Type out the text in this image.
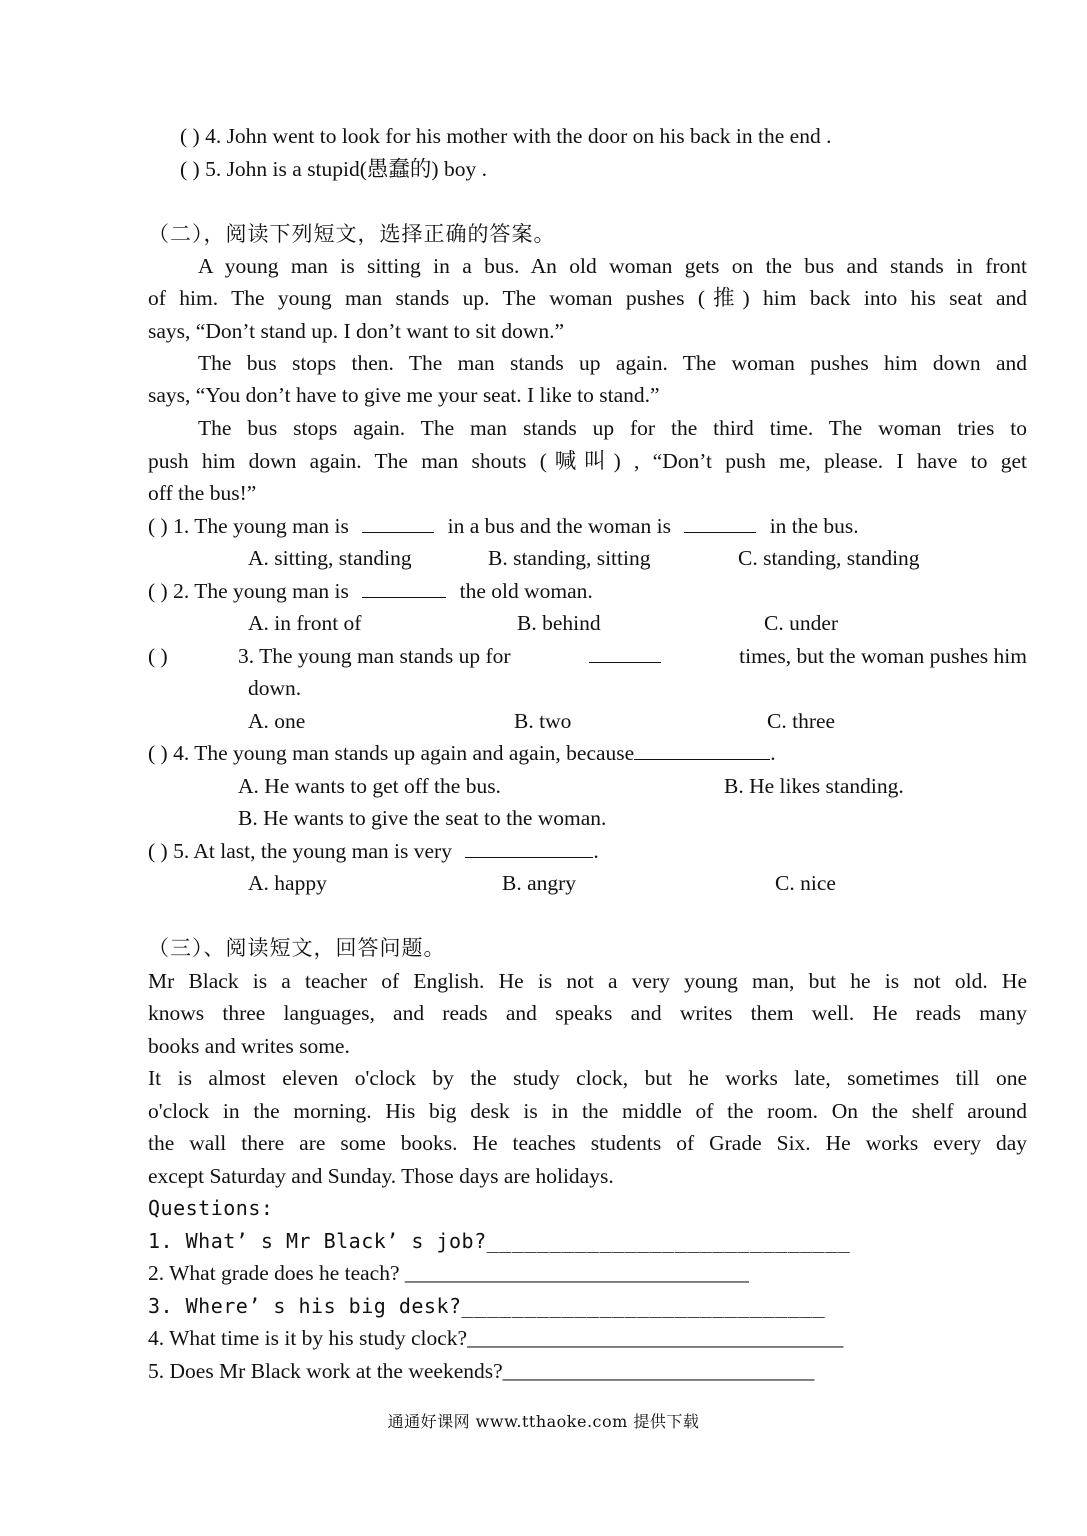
( ) 4. John went to look for his mother with the door on his back in the end .
( ) 5. John is a stupid(愚蠢的) boy .
（二），阅读下列短文，选择正确的答案。
A young man is sitting in a bus. An old woman gets on the bus and stands in front
of him. The young man stands up. The woman pushes (推) him back into his seat and
says, “Don’t stand up. I don’t want to sit down.”
The bus stops then. The man stands up again. The woman pushes him down and
says, “You don’t have to give me your seat. I like to stand.”
The bus stops again. The man stands up for the third time. The woman tries to
push him down again. The man shouts (喊叫) , “Don’t push me, please. I have to get
off the bus!”
( ) 1. The young man is	in a bus and the woman is	in the bus.
A. sitting, standing	B. standing, sitting	C. standing, standing
( ) 2. The young man is	the old woman.
A. in front of	B. behind	C. under
( )	3. The young man stands up for	times, but the woman pushes him
down.
A. one	B. two	C. three
( ) 4. The young man stands up again and again, because	.
A. He wants to get off the bus.	B. He likes standing.
B. He wants to give the seat to the woman.
( ) 5. At last, the young man is very	.
A. happy	B. angry	C. nice
（三）、阅读短文，回答问题。
Mr Black is a teacher of English. He is not a very young man, but he is not old. He
knows three languages, and reads and speaks and writes them well. He reads many
books and writes some.
It is almost eleven o'clock by the study clock, but he works late, sometimes till one
o'clock in the morning. His big desk is in the middle of the room. On the shelf around
the wall there are some books. He teaches students of Grade Six. He works every day
except Saturday and Sunday. Those days are holidays.
Questions:
1. What’ s Mr Black’ s job?_____________________________
2. What grade does he teach? ________________________________
3. Where’ s his big desk?_____________________________
4. What time is it by his study clock?___________________________________
5. Does Mr Black work at the weekends?_____________________________
通通好课网 www.tthaoke.com 提供下载
